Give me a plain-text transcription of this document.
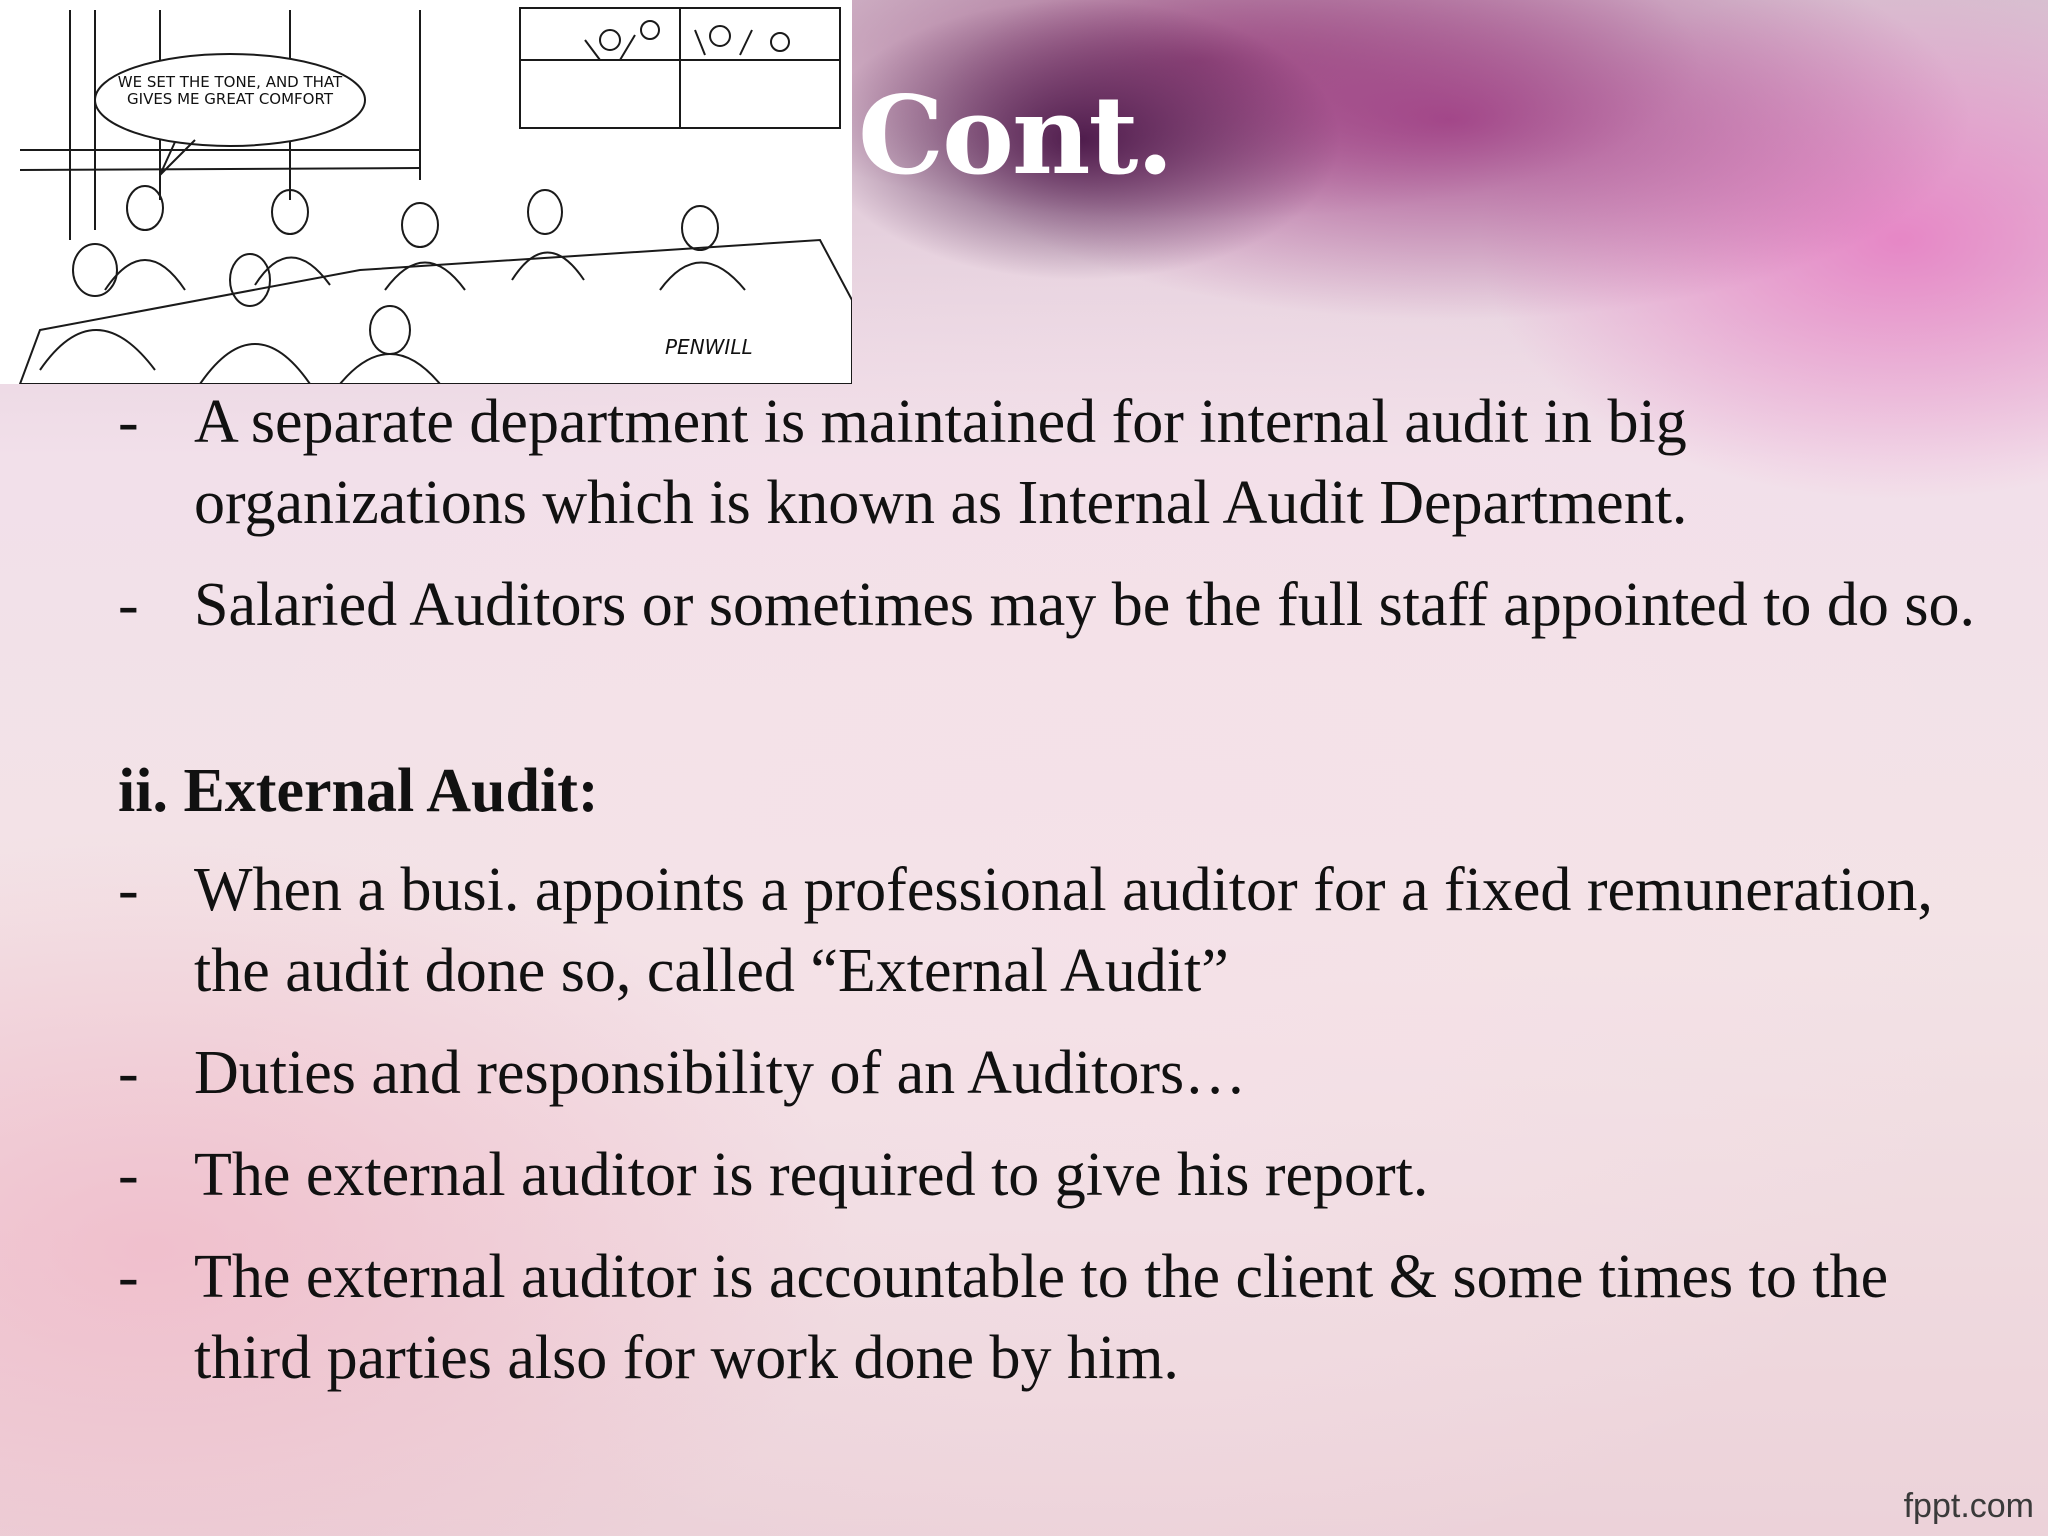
WE SET THE TONE, AND THAT GIVES ME GREAT COMFORT
PENWILL
Cont.
- A separate department is maintained for internal audit in big organizations which is known as Internal Audit Department.
- Salaried Auditors or sometimes may be the full staff appointed to do so.
ii. External Audit:
- When a busi. appoints a professional auditor for a fixed remuneration, the audit done so, called “External Audit”
- Duties and responsibility of an Auditors…
- The external auditor is required to give his report.
- The external auditor is accountable to the client & some times to the third parties also for work done by him.
fppt.com
